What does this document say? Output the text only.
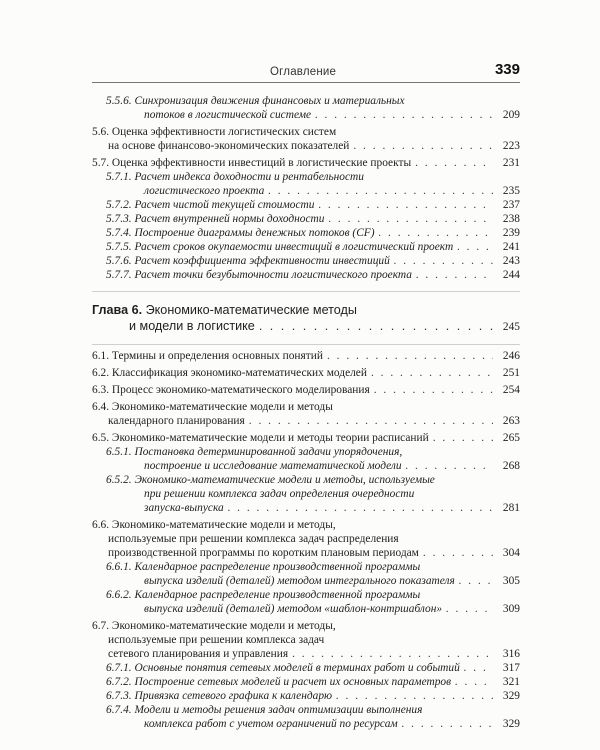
Оглавление	339
5.5.6. Синхронизация движения финансовых и материальных
потоков в логистической системе . . .	209
5.6. Оценка эффективности логистических систем
на основе финансово-экономических показателей . . .	223
5.7. Оценка эффективности инвестиций в логистические проекты . . .	231
5.7.1. Расчет индекса доходности и рентабельности
логистического проекта . . .	235
5.7.2. Расчет чистой текущей стоимости . . .	237
5.7.3. Расчет внутренней нормы доходности . . .	238
5.7.4. Построение диаграммы денежных потоков (CF) . . .	239
5.7.5. Расчет сроков окупаемости инвестиций в логистический проект . . .	241
5.7.6. Расчет коэффициента эффективности инвестиций . . .	243
5.7.7. Расчет точки безубыточности логистического проекта . . .	244
Глава 6. Экономико-математические методы
и модели в логистике . . .	245
6.1. Термины и определения основных понятий . . .	246
6.2. Классификация экономико-математических моделей . . .	251
6.3. Процесс экономико-математического моделирования . . .	254
6.4. Экономико-математические модели и методы
календарного планирования . . .	263
6.5. Экономико-математические модели и методы теории расписаний . . .	265
6.5.1. Постановка детерминированной задачи упорядочения,
построение и исследование математической модели . . .	268
6.5.2. Экономико-математические модели и методы, используемые
при решении комплекса задач определения очередности
запуска-выпуска . . .	281
6.6. Экономико-математические модели и методы,
используемые при решении комплекса задач распределения
производственной программы по коротким плановым периодам . . .	304
6.6.1. Календарное распределение производственной программы
выпуска изделий (деталей) методом интегрального показателя . . .	305
6.6.2. Календарное распределение производственной программы
выпуска изделий (деталей) методом «шаблон-контршаблон» . . .	309
6.7. Экономико-математические модели и методы,
используемые при решении комплекса задач
сетевого планирования и управления . . .	316
6.7.1. Основные понятия сетевых моделей в терминах работ и событий . . .	317
6.7.2. Построение сетевых моделей и расчет их основных параметров . . .	321
6.7.3. Привязка сетевого графика к календарю . . .	329
6.7.4. Модели и методы решения задач оптимизации выполнения
комплекса работ с учетом ограничений по ресурсам . . .	329
